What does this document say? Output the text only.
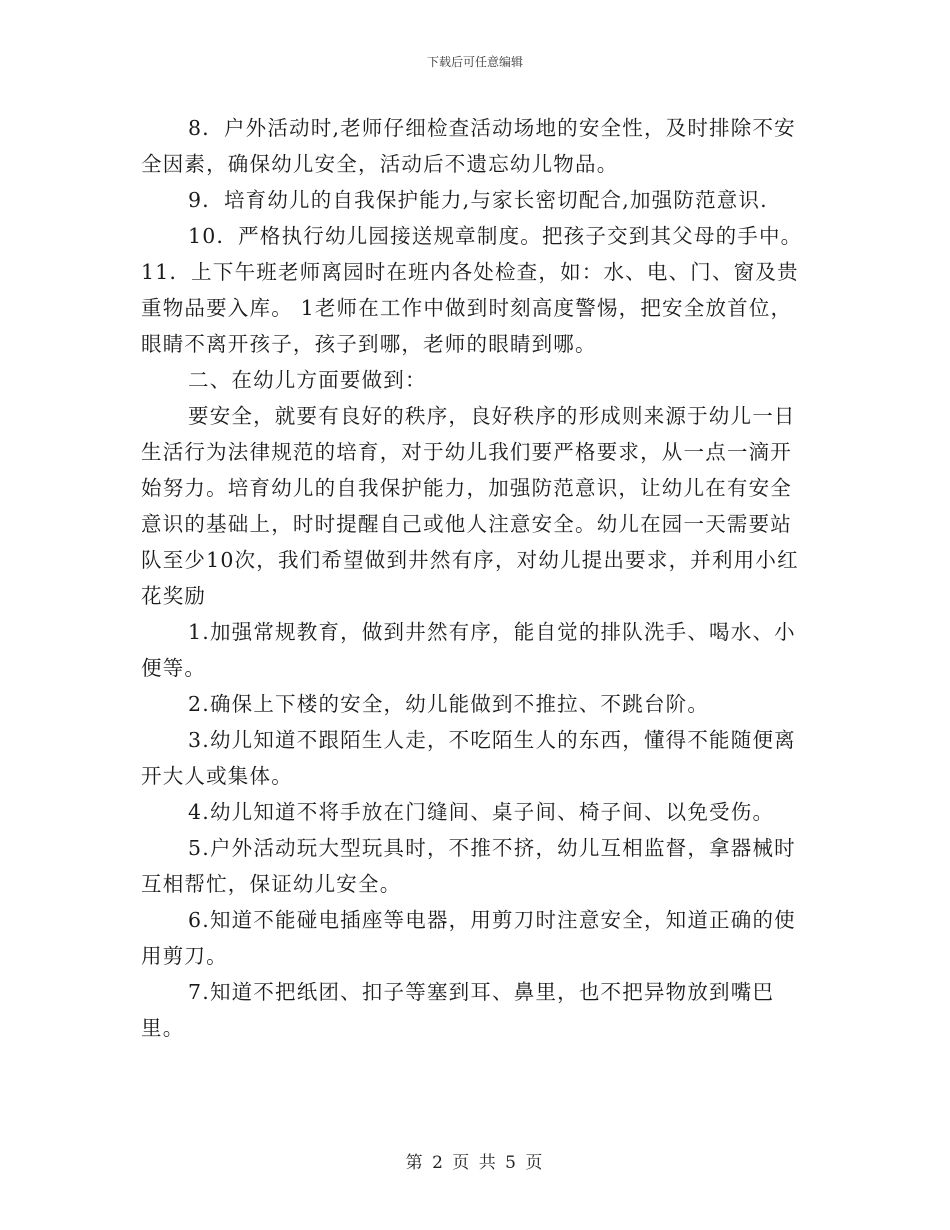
下载后可任意编辑

8．户外活动时,老师仔细检查活动场地的安全性，及时排除不安全因素，确保幼儿安全，活动后不遗忘幼儿物品。

9．培育幼儿的自我保护能力,与家长密切配合,加强防范意识.

10．严格执行幼儿园接送规章制度。把孩子交到其父母的手中。

11．上下午班老师离园时在班内各处检查，如：水、电、门、窗及贵重物品要入库。 1老师在工作中做到时刻高度警惕，把安全放首位，眼睛不离开孩子，孩子到哪，老师的眼睛到哪。

二、在幼儿方面要做到：

要安全，就要有良好的秩序，良好秩序的形成则来源于幼儿一日生活行为法律规范的培育，对于幼儿我们要严格要求，从一点一滴开始努力。培育幼儿的自我保护能力，加强防范意识，让幼儿在有安全意识的基础上，时时提醒自己或他人注意安全。幼儿在园一天需要站队至少10次，我们希望做到井然有序，对幼儿提出要求，并利用小红花奖励

1.加强常规教育，做到井然有序，能自觉的排队洗手、喝水、小便等。

2.确保上下楼的安全，幼儿能做到不推拉、不跳台阶。

3.幼儿知道不跟陌生人走，不吃陌生人的东西，懂得不能随便离开大人或集体。

4.幼儿知道不将手放在门缝间、桌子间、椅子间、以免受伤。

5.户外活动玩大型玩具时，不推不挤，幼儿互相监督，拿器械时互相帮忙，保证幼儿安全。

6.知道不能碰电插座等电器，用剪刀时注意安全，知道正确的使用剪刀。

7.知道不把纸团、扣子等塞到耳、鼻里，也不把异物放到嘴巴里。

第 2 页 共 5 页
